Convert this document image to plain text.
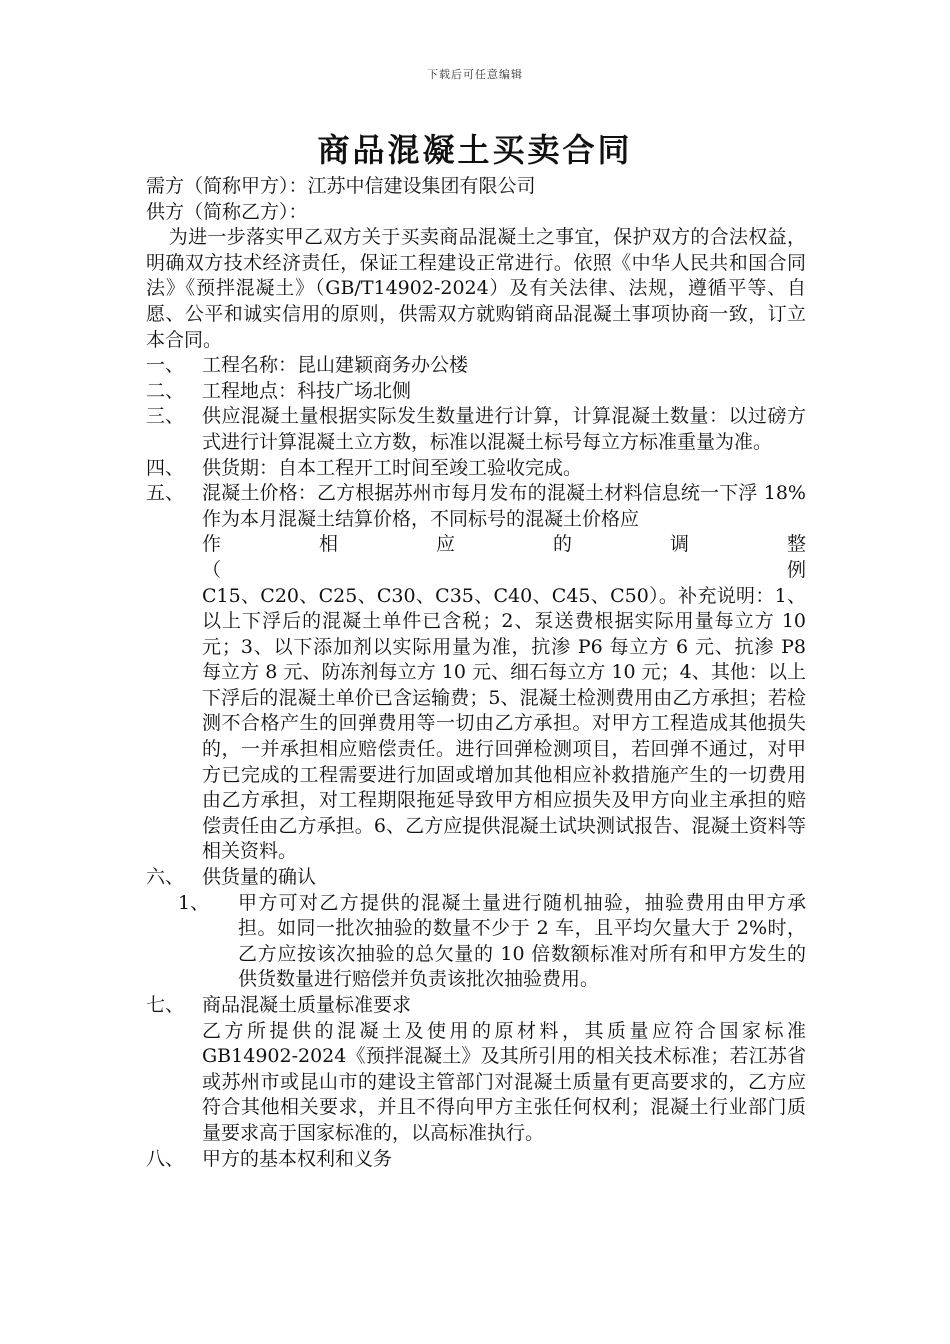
下载后可任意编辑
商品混凝土买卖合同

需方（简称甲方）：江苏中信建设集团有限公司

供方（简称乙方）：

为进一步落实甲乙双方关于买卖商品混凝土之事宜，保护双方的合法权益，明确双方技术经济责任，保证工程建设正常进行。依照《中华人民共和国合同法》《预拌混凝土》（GB/T14902-2024）及有关法律、法规，遵循平等、自愿、公平和诚实信用的原则，供需双方就购销商品混凝土事项协商一致，订立本合同。

一、 工程名称：昆山建颖商务办公楼
二、 工程地点：科技广场北侧
三、 供应混凝土量根据实际发生数量进行计算，计算混凝土数量：以过磅方式进行计算混凝土立方数，标准以混凝土标号每立方标准重量为准。
四、 供货期：自本工程开工时间至竣工验收完成。
五、 混凝土价格：乙方根据苏州市每月发布的混凝土材料信息统一下浮 18%作为本月混凝土结算价格，不同标号的混凝土价格应
作　　　　　相　　　　　应　　　　　的　　　　　调　　　　　整　　　　　（　　　　　例
C15、C20、C25、C30、C35、C40、C45、C50）。补充说明：1、以上下浮后的混凝土单件已含税；2、泵送费根据实际用量每立方 10 元；3、以下添加剂以实际用量为准，抗渗 P6 每立方 6 元、抗渗 P8 每立方 8 元、防冻剂每立方 10 元、细石每立方 10 元；4、其他：以上下浮后的混凝土单价已含运输费；5、混凝土检测费用由乙方承担；若检测不合格产生的回弹费用等一切由乙方承担。对甲方工程造成其他损失的，一并承担相应赔偿责任。进行回弹检测项目，若回弹不通过，对甲方已完成的工程需要进行加固或增加其他相应补救措施产生的一切费用由乙方承担，对工程期限拖延导致甲方相应损失及甲方向业主承担的赔偿责任由乙方承担。6、乙方应提供混凝土试块测试报告、混凝土资料等相关资料。
六、 供货量的确认
1、	甲方可对乙方提供的混凝土量进行随机抽验，抽验费用由甲方承担。如同一批次抽验的数量不少于 2 车，且平均欠量大于 2%时，乙方应按该次抽验的总欠量的 10 倍数额标准对所有和甲方发生的供货数量进行赔偿并负责该批次抽验费用。
七、 商品混凝土质量标准要求

乙方所提供的混凝土及使用的原材料，其质量应符合国家标准 GB14902-2024《预拌混凝土》及其所引用的相关技术标准；若江苏省或苏州市或昆山市的建设主管部门对混凝土质量有更高要求的，乙方应符合其他相关要求，并且不得向甲方主张任何权利；混凝土行业部门质量要求高于国家标准的，以高标准执行。

八、 甲方的基本权利和义务
